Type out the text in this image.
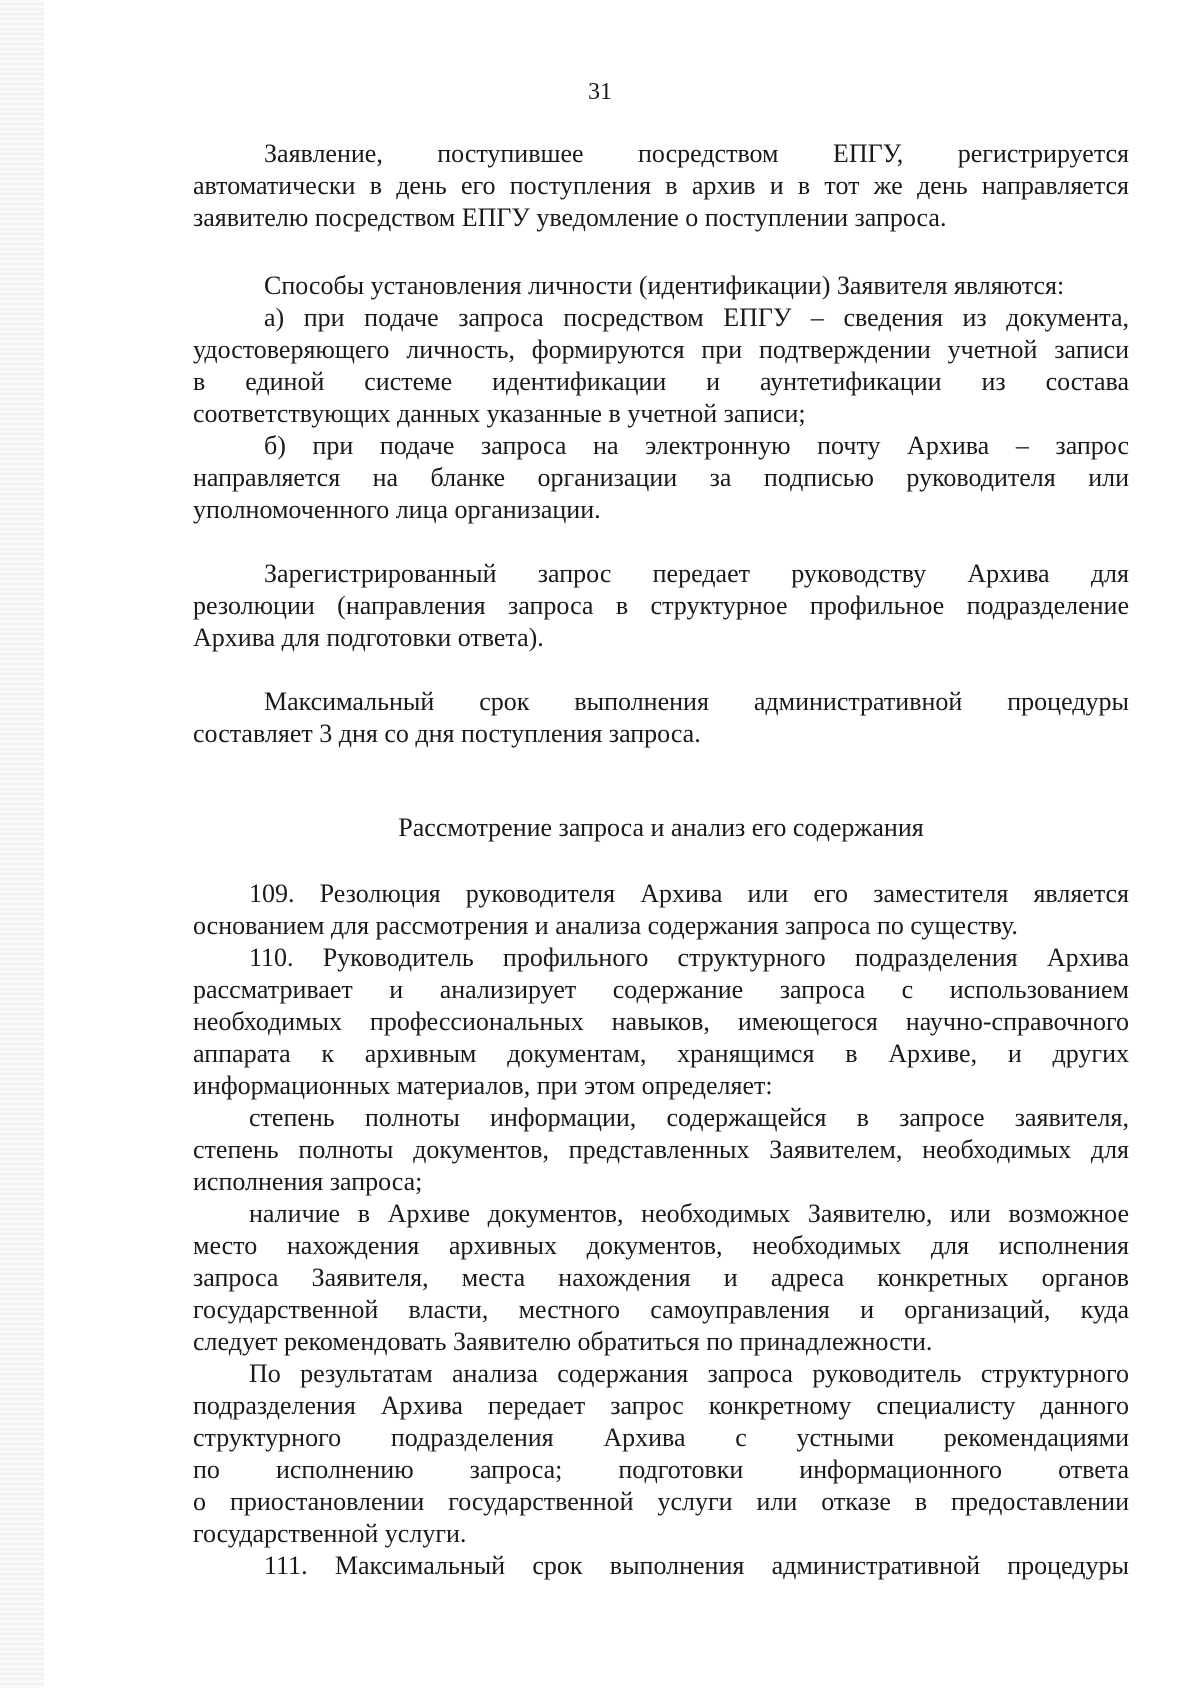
31
Заявление, поступившее посредством ЕПГУ, регистрируется
автоматически в день его поступления в архив и в тот же день направляется
заявителю посредством ЕПГУ уведомление о поступлении запроса.
Способы установления личности (идентификации) Заявителя являются:
а) при подаче запроса посредством ЕПГУ – сведения из документа,
удостоверяющего личность, формируются при подтверждении учетной записи
в единой системе идентификации и аунтетификации из состава
соответствующих данных указанные в учетной записи;
б) при подаче запроса на электронную почту Архива – запрос
направляется на бланке организации за подписью руководителя или
уполномоченного лица организации.
Зарегистрированный запрос передает руководству Архива для
резолюции (направления запроса в структурное профильное подразделение
Архива для подготовки ответа).
Максимальный срок выполнения административной процедуры
составляет 3 дня со дня поступления запроса.
Рассмотрение запроса и анализ его содержания
109. Резолюция руководителя Архива или его заместителя является
основанием для рассмотрения и анализа содержания запроса по существу.
110. Руководитель профильного структурного подразделения Архива
рассматривает и анализирует содержание запроса с использованием
необходимых профессиональных навыков, имеющегося научно-справочного
аппарата к архивным документам, хранящимся в Архиве, и других
информационных материалов, при этом определяет:
степень полноты информации, содержащейся в запросе заявителя,
степень полноты документов, представленных Заявителем, необходимых для
исполнения запроса;
наличие в Архиве документов, необходимых Заявителю, или возможное
место нахождения архивных документов, необходимых для исполнения
запроса Заявителя, места нахождения и адреса конкретных органов
государственной власти, местного самоуправления и организаций, куда
следует рекомендовать Заявителю обратиться по принадлежности.
По результатам анализа содержания запроса руководитель структурного
подразделения Архива передает запрос конкретному специалисту данного
структурного подразделения Архива с устными рекомендациями
по исполнению запроса; подготовки информационного ответа
о приостановлении государственной услуги или отказе в предоставлении
государственной услуги.
111. Максимальный срок выполнения административной процедуры
